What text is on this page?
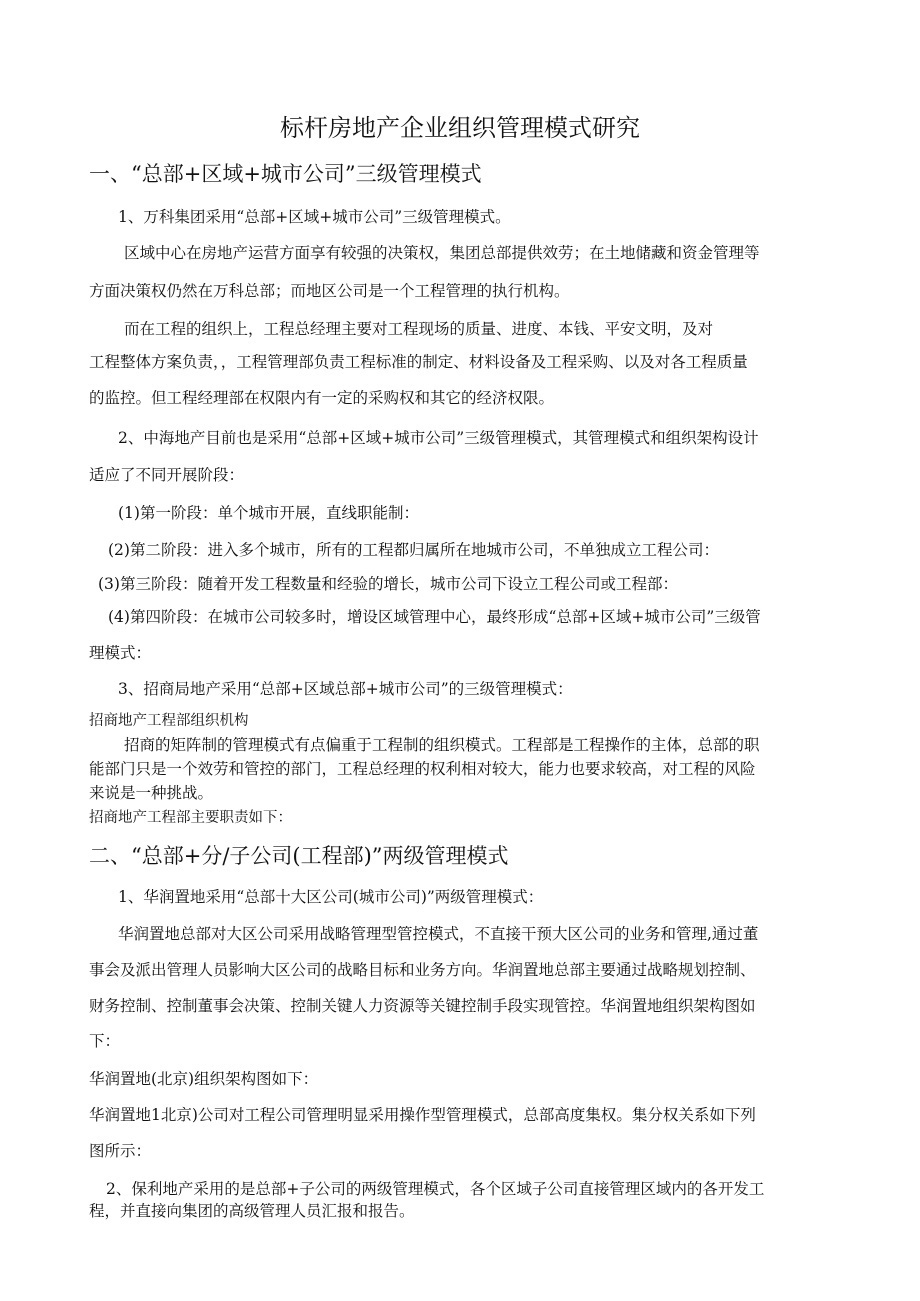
标杆房地产企业组织管理模式研究
一、“总部+区域+城市公司”三级管理模式

1、万科集团采用“总部+区域+城市公司”三级管理模式。

区域中心在房地产运营方面享有较强的决策权，集团总部提供效劳；在土地储藏和资金管理等

方面决策权仍然在万科总部；而地区公司是一个工程管理的执行机构。

而在工程的组织上，工程总经理主要对工程现场的质量、进度、本钱、平安文明，及对

工程整体方案负责，，工程管理部负责工程标准的制定、材料设备及工程采购、以及对各工程质量

的监控。但工程经理部在权限内有一定的采购权和其它的经济权限。

2、中海地产目前也是采用“总部+区域+城市公司”三级管理模式，其管理模式和组织架构设计

适应了不同开展阶段：

(1)第一阶段：单个城市开展，直线职能制：

(2)第二阶段：进入多个城市，所有的工程都归属所在地城市公司，不单独成立工程公司：

(3)第三阶段：随着开发工程数量和经验的增长，城市公司下设立工程公司或工程部：

(4)第四阶段：在城市公司较多时，增设区域管理中心，最终形成“总部+区域+城市公司”三级管

理模式：

3、招商局地产采用“总部+区域总部+城市公司”的三级管理模式：

招商地产工程部组织机构

招商的矩阵制的管理模式有点偏重于工程制的组织模式。工程部是工程操作的主体，总部的职

能部门只是一个效劳和管控的部门，工程总经理的权利相对较大，能力也要求较高，对工程的风险

来说是一种挑战。

招商地产工程部主要职责如下：

二、“总部+分/子公司(工程部)”两级管理模式

1、华润置地采用“总部十大区公司(城市公司)”两级管理模式：

华润置地总部对大区公司采用战略管理型管控模式，不直接干预大区公司的业务和管理,通过董

事会及派出管理人员影响大区公司的战略目标和业务方向。华润置地总部主要通过战略规划控制、

财务控制、控制董事会决策、控制关键人力资源等关键控制手段实现管控。华润置地组织架构图如

下：

华润置地(北京)组织架构图如下：

华润置地1北京)公司对工程公司管理明显采用操作型管理模式，总部高度集权。集分权关系如下列

图所示：

2、保利地产采用的是总部+子公司的两级管理模式，各个区域子公司直接管理区域内的各开发工

程，并直接向集团的高级管理人员汇报和报告。
